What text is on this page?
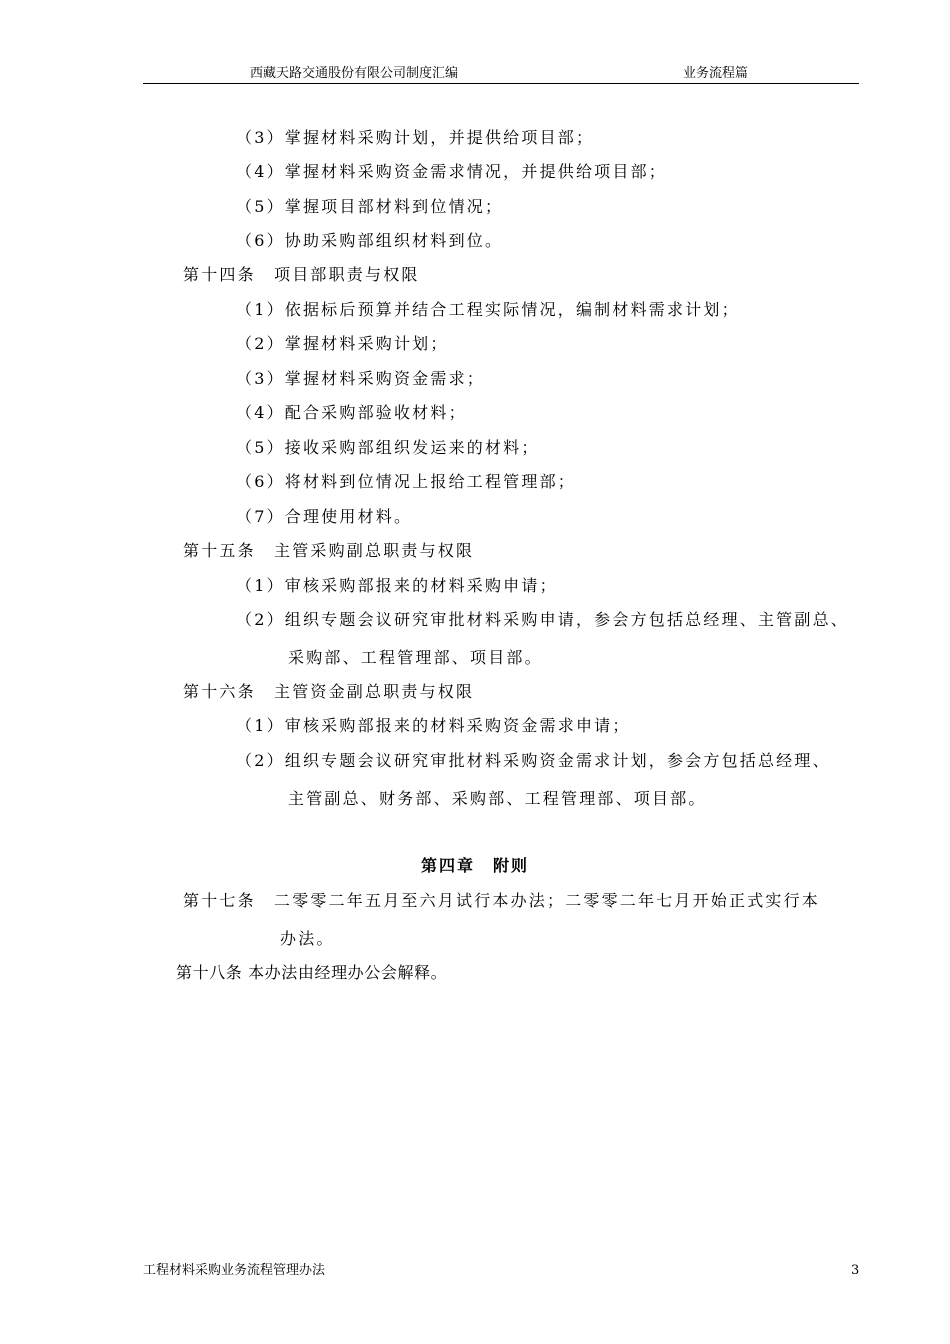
西藏天路交通股份有限公司制度汇编	业务流程篇
（3）掌握材料采购计划，并提供给项目部；
（4）掌握材料采购资金需求情况，并提供给项目部；
（5）掌握项目部材料到位情况；
（6）协助采购部组织材料到位。
第十四条　项目部职责与权限
（1）依据标后预算并结合工程实际情况，编制材料需求计划；
（2）掌握材料采购计划；
（3）掌握材料采购资金需求；
（4）配合采购部验收材料；
（5）接收采购部组织发运来的材料；
（6）将材料到位情况上报给工程管理部；
（7）合理使用材料。
第十五条　主管采购副总职责与权限
（1）审核采购部报来的材料采购申请；
（2）组织专题会议研究审批材料采购申请，参会方包括总经理、主管副总、
采购部、工程管理部、项目部。
第十六条　主管资金副总职责与权限
（1）审核采购部报来的材料采购资金需求申请；
（2）组织专题会议研究审批材料采购资金需求计划，参会方包括总经理、
主管副总、财务部、采购部、工程管理部、项目部。
第四章　附则
第十七条　二零零二年五月至六月试行本办法；二零零二年七月开始正式实行本
办法。
第十八条 本办法由经理办公会解释。
工程材料采购业务流程管理办法	3
